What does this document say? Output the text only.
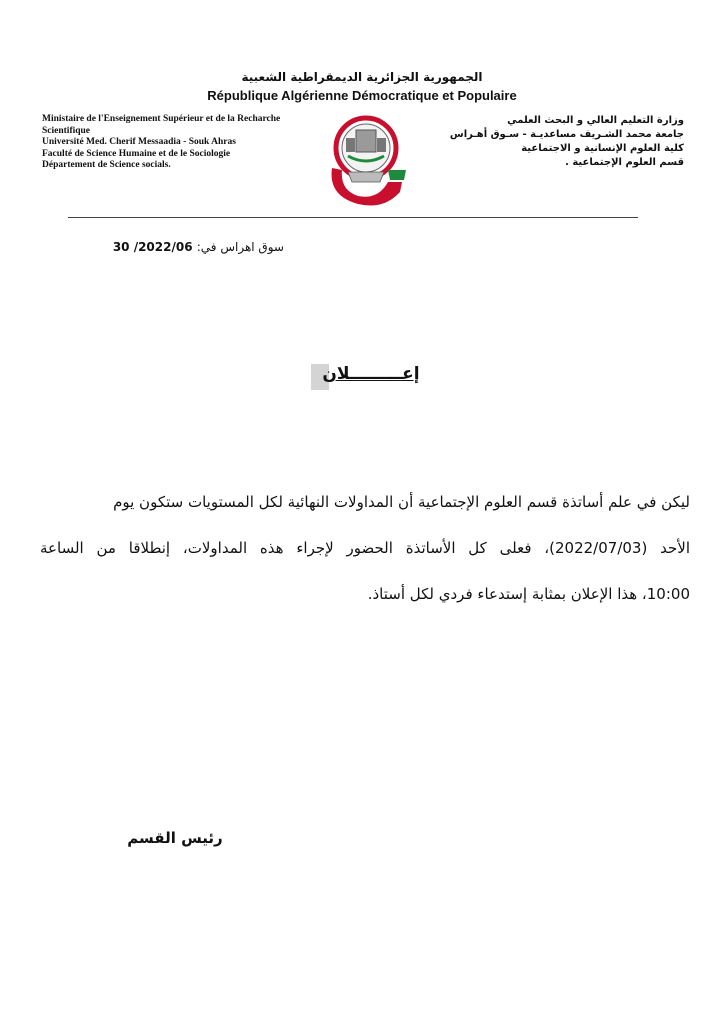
الجمهورية الجزائرية الديمقراطية الشعبية
République Algérienne Démocratique et Populaire
Ministaire de l'Enseignement Supérieur et de la Recharche
Scientifique
Université Med. Cherif Messaadia - Souk Ahras
Faculté de Science Humaine et de le Sociologie
Département de Science socials.
وزارة التعليم العالي و البحث العلمي
جامعة محمد الشـريف مساعديـة - سـوق أهـراس
كلية العلوم الإنسانية و الاجتماعية
قسم العلوم الإجتماعية .
سوق اهراس في: 2022/06/ 30
إعـــــــــلان
ليكن في علم أساتذة قسم العلوم الإجتماعية أن المداولات النهائية لكل المستويات ستكون يوم
الأحد (2022/07/03)، فعلى كل الأساتذة الحضور لإجراء هذه المداولات، إنطلاقا من الساعة
10:00، هذا الإعلان بمثابة إستدعاء فردي لكل أستاذ.
رئيس القسم
